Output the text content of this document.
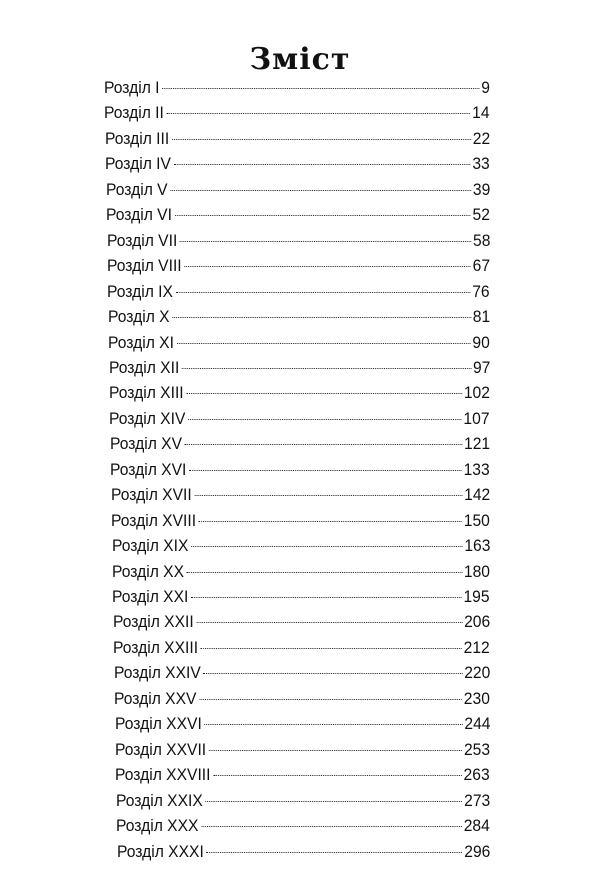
Зміст
Розділ I	9
Розділ II	14
Розділ III	22
Розділ IV	33
Розділ V	39
Розділ VI	52
Розділ VII	58
Розділ VIII	67
Розділ IX	76
Розділ X	81
Розділ XI	90
Розділ XII	97
Розділ XIII	102
Розділ XIV	107
Розділ XV	121
Розділ XVI	133
Розділ XVII	142
Розділ XVIII	150
Розділ XIX	163
Розділ XX	180
Розділ XXI	195
Розділ XXII	206
Розділ XXIII	212
Розділ XXIV	220
Розділ XXV	230
Розділ XXVI	244
Розділ XXVII	253
Розділ XXVIII	263
Розділ XXIX	273
Розділ XXX	284
Розділ XXXI	296
